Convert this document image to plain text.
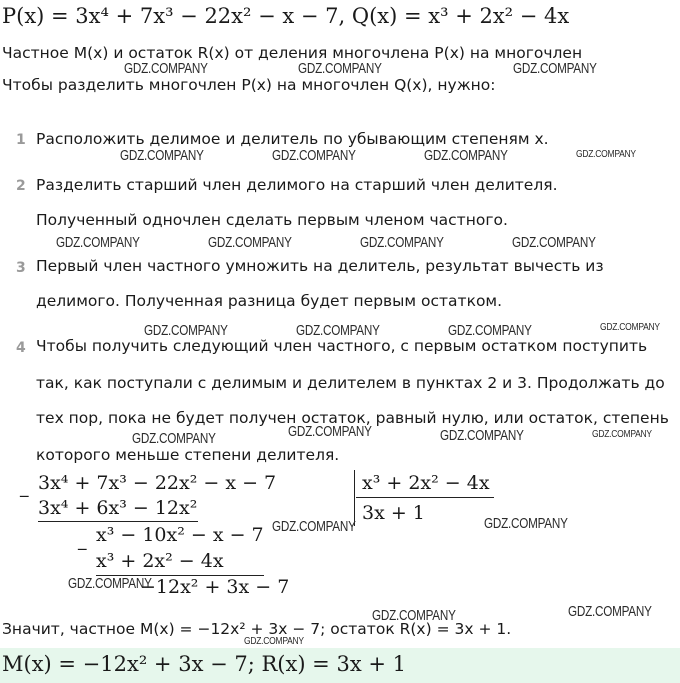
P(x) = 3x⁴ + 7x³ − 22x² − x − 7, Q(x) = x³ + 2x² − 4x
Частное M(x) и остаток R(x) от деления многочлена P(x) на многочлен
Чтобы разделить многочлен P(x) на многочлен Q(x), нужно:
1 Расположить делимое и делитель по убывающим степеням x.
2 Разделить старший член делимого на старший член делителя.
Полученный одночлен сделать первым членом частного.
3 Первый член частного умножить на делитель, результат вычесть из
делимого. Полученная разница будет первым остатком.
4 Чтобы получить следующий член частного, с первым остатком поступить
так, как поступали с делимым и делителем в пунктах 2 и 3. Продолжать до
тех пор, пока не будет получен остаток, равный нулю, или остаток, степень
которого меньше степени делителя.
_ 3x⁴ + 7x³ − 22x² − x − 7
3x⁴ + 6x³ − 12x²
_ x³ − 10x² − x − 7
x³ + 2x² − 4x
−12x² + 3x − 7
x³ + 2x² − 4x
3x + 1
Значит, частное M(x) = −12x² + 3x − 7; остаток R(x) = 3x + 1.
M(x) = −12x² + 3x − 7; R(x) = 3x + 1
GDZ.COMPANY	GDZ.COMPANY	GDZ.COMPANY
GDZ.COMPANY	GDZ.COMPANY	GDZ.COMPANY	GDZ.COMPANY
GDZ.COMPANY	GDZ.COMPANY	GDZ.COMPANY	GDZ.COMPANY
GDZ.COMPANY	GDZ.COMPANY	GDZ.COMPANY	GDZ.COMPANY
GDZ.COMPANY
GDZ.COMPANY	GDZ.COMPANY	GDZ.COMPANY
GDZ.COMPANY	GDZ.COMPANY
GDZ.COMPANY
GDZ.COMPANY	GDZ.COMPANY
GDZ.COMPANY
